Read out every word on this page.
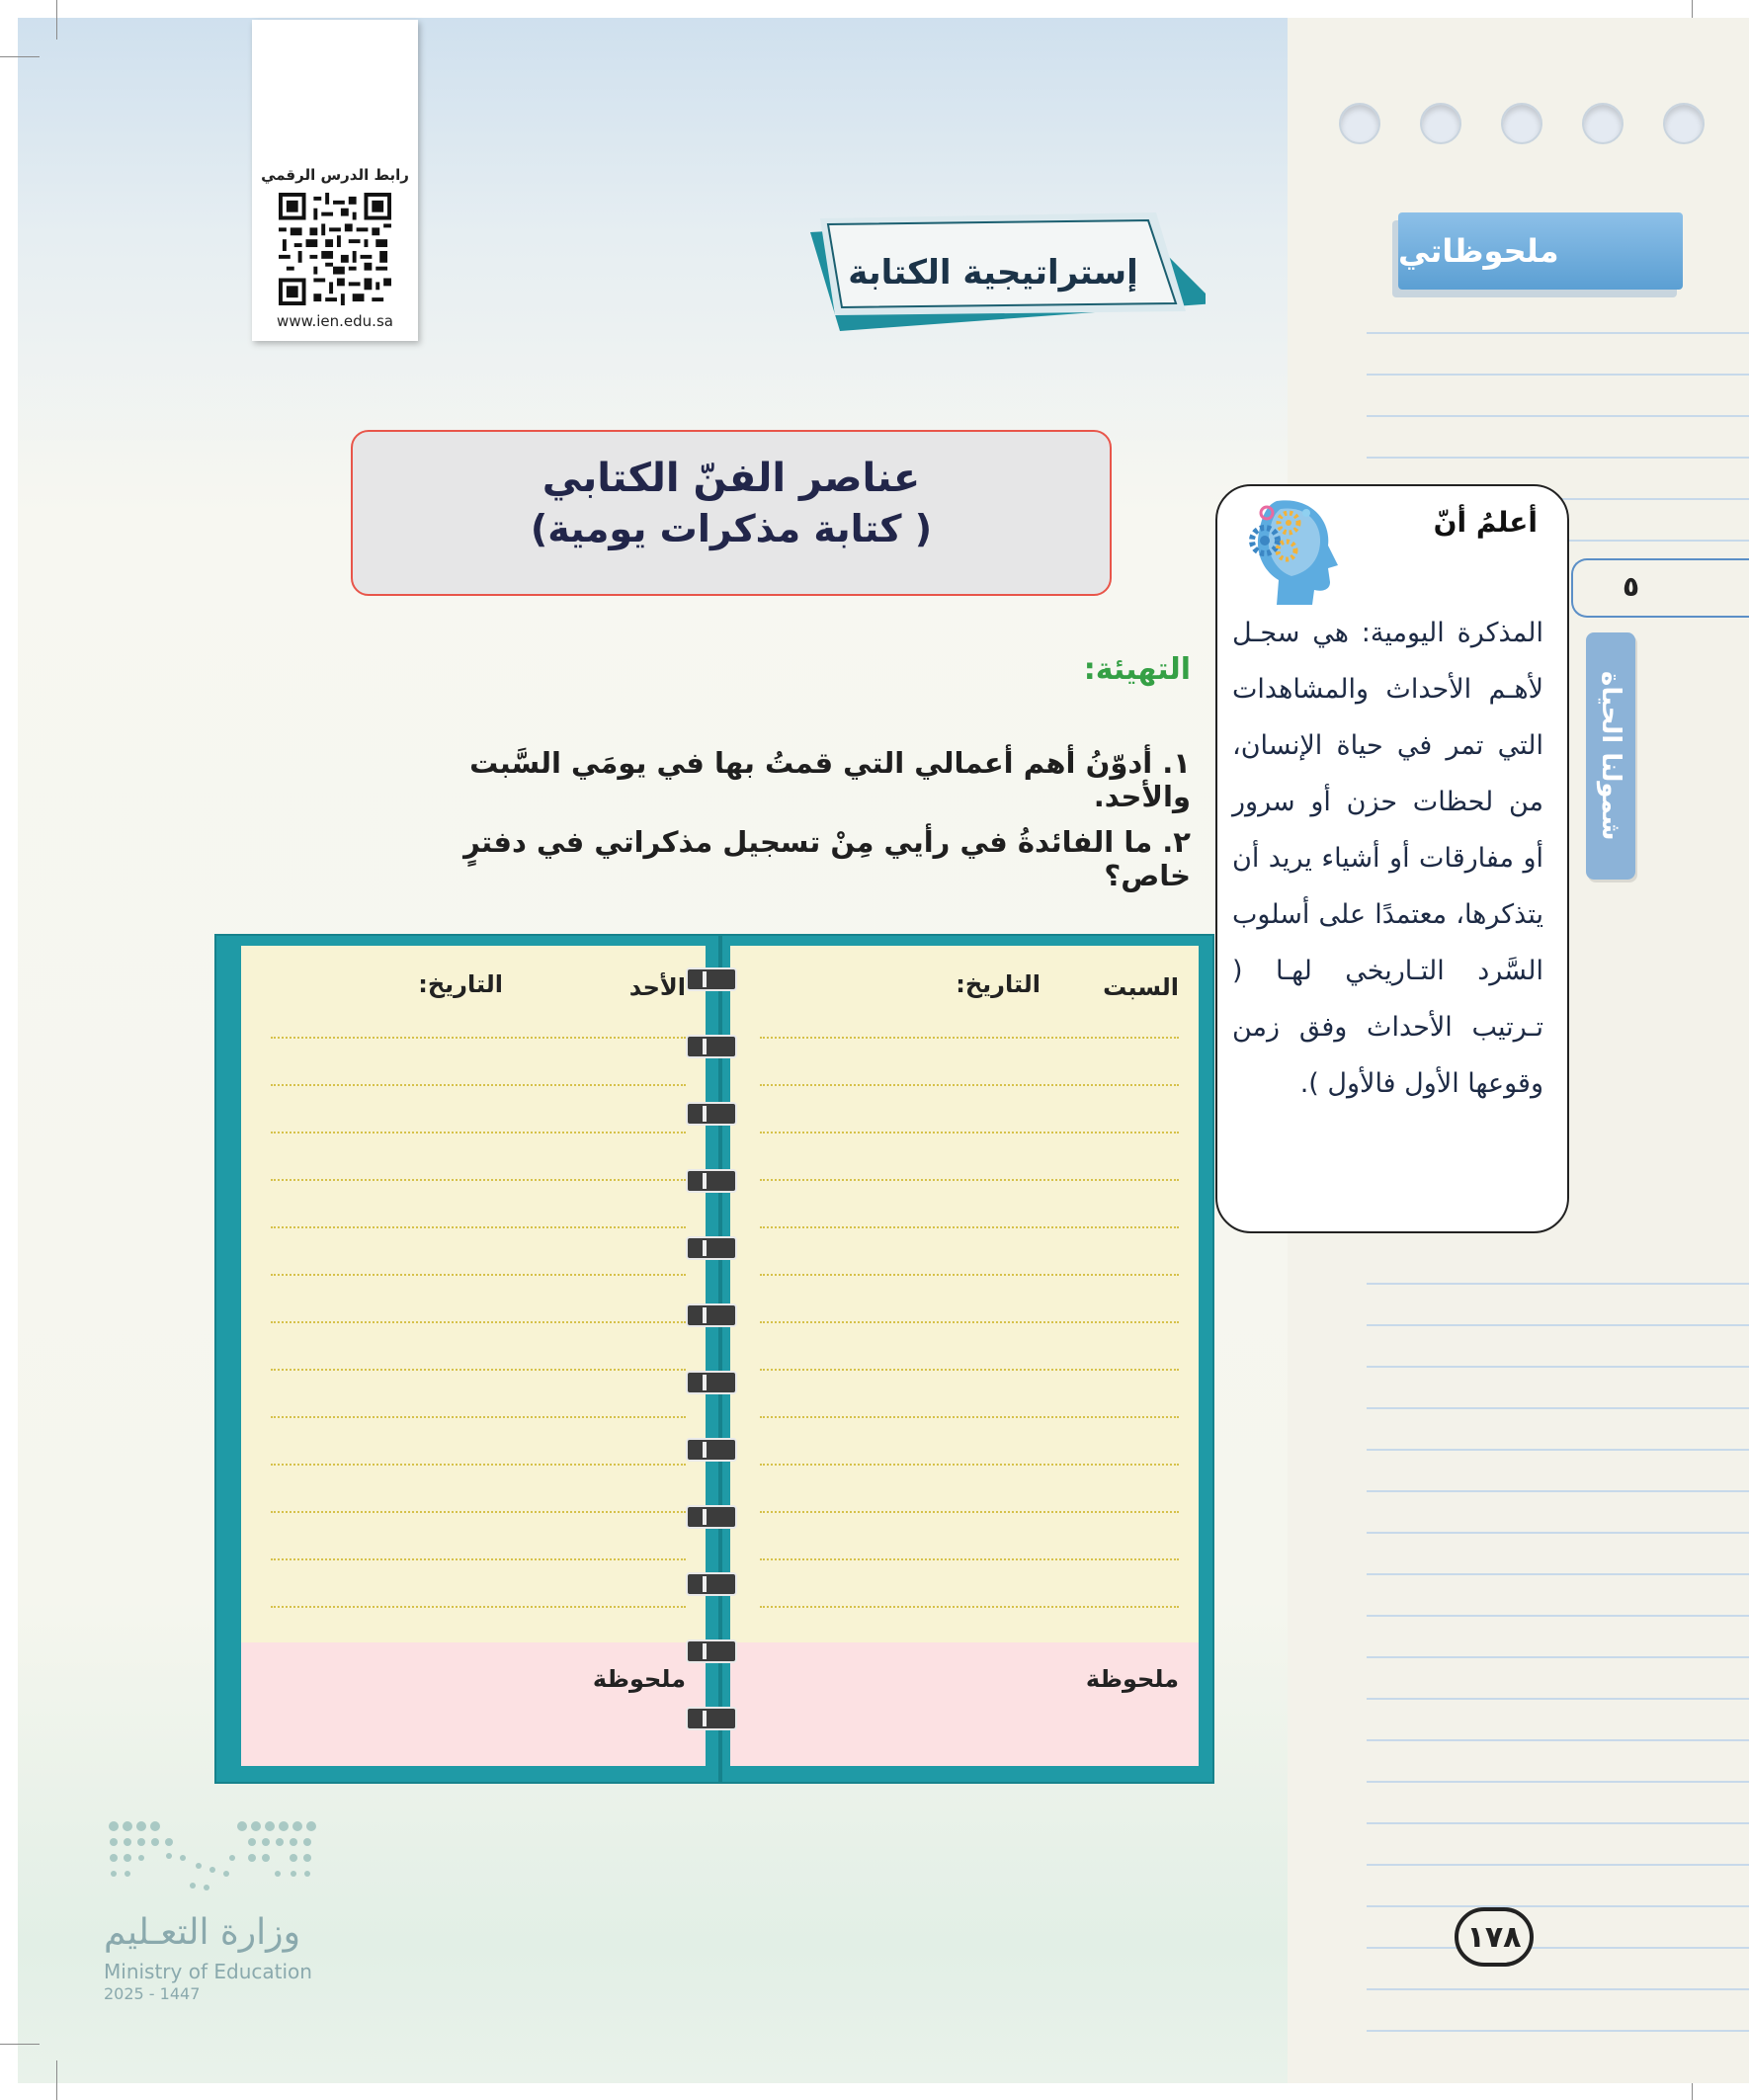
ملحوظاتي
رابط الدرس الرقمي
www.ien.edu.sa
إستراتيجية الكتابة
عناصر الفنّ الكتابي
( كتابة مذكرات يومية)
التهيئة:
١. أدوّنُ أهم أعمالي التي قمتُ بها في يومَي السَّبت والأحد.
٢. ما الفائدةُ في رأيي مِنْ تسجيل مذكراتي في دفترٍ خاص؟
أعلمُ أنّ
المذكرة اليومية: هي سجـل لأهـم الأحداث والمشاهدات التي تمر في حياة الإنسان، من لحظات حزن أو سرور أو مفارقات أو أشياء يريد أن يتذكرها، معتمدًا على أسلوب السَّرد التـاريخي لهـا ( تـرتيب الأحداث وفق زمن وقوعها الأول فالأول ).
٥
شمولنا الحياة
الأحد
التاريخ:
ملحوظة
السبت
التاريخ:
ملحوظة
وزارة التعـليم
Ministry of Education
2025 - 1447
١٧٨
